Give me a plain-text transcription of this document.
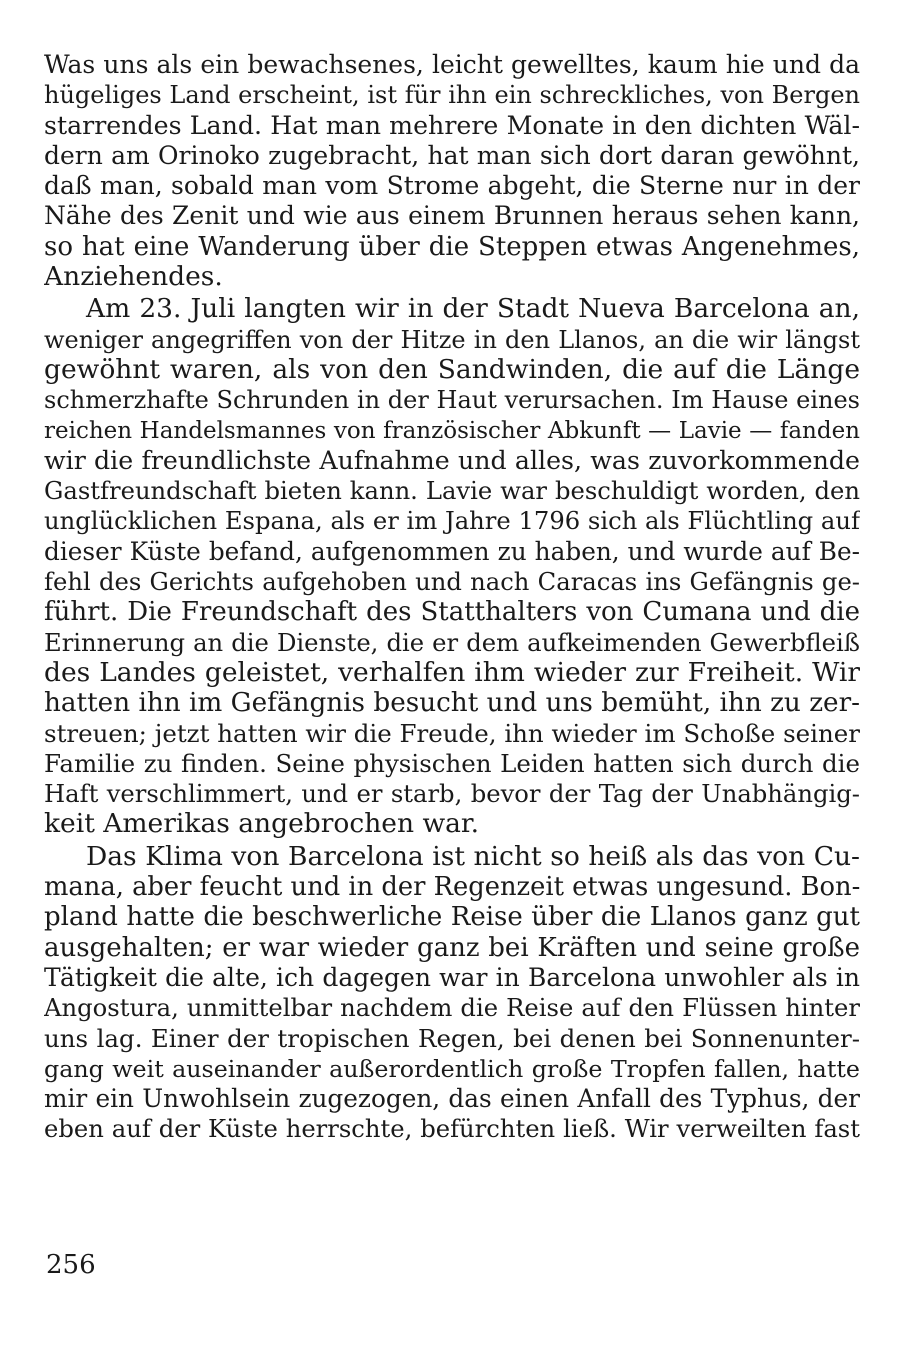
Was uns als ein bewachsenes, leicht gewelltes, kaum hie und da
hügeliges Land erscheint, ist für ihn ein schreckliches, von Bergen
starrendes Land. Hat man mehrere Monate in den dichten Wäl-
dern am Orinoko zugebracht, hat man sich dort daran gewöhnt,
daß man, sobald man vom Strome abgeht, die Sterne nur in der
Nähe des Zenit und wie aus einem Brunnen heraus sehen kann,
so hat eine Wanderung über die Steppen etwas Angenehmes,
Anziehendes.
Am 23. Juli langten wir in der Stadt Nueva Barcelona an,
weniger angegriffen von der Hitze in den Llanos, an die wir längst
gewöhnt waren, als von den Sandwinden, die auf die Länge
schmerzhafte Schrunden in der Haut verursachen. Im Hause eines
reichen Handelsmannes von französischer Abkunft — Lavie — fanden
wir die freundlichste Aufnahme und alles, was zuvorkommende
Gastfreundschaft bieten kann. Lavie war beschuldigt worden, den
unglücklichen Espana, als er im Jahre 1796 sich als Flüchtling auf
dieser Küste befand, aufgenommen zu haben, und wurde auf Be-
fehl des Gerichts aufgehoben und nach Caracas ins Gefängnis ge-
führt. Die Freundschaft des Statthalters von Cumana und die
Erinnerung an die Dienste, die er dem aufkeimenden Gewerbfleiß
des Landes geleistet, verhalfen ihm wieder zur Freiheit. Wir
hatten ihn im Gefängnis besucht und uns bemüht, ihn zu zer-
streuen; jetzt hatten wir die Freude, ihn wieder im Schoße seiner
Familie zu finden. Seine physischen Leiden hatten sich durch die
Haft verschlimmert, und er starb, bevor der Tag der Unabhängig-
keit Amerikas angebrochen war.
Das Klima von Barcelona ist nicht so heiß als das von Cu-
mana, aber feucht und in der Regenzeit etwas ungesund. Bon-
pland hatte die beschwerliche Reise über die Llanos ganz gut
ausgehalten; er war wieder ganz bei Kräften und seine große
Tätigkeit die alte, ich dagegen war in Barcelona unwohler als in
Angostura, unmittelbar nachdem die Reise auf den Flüssen hinter
uns lag. Einer der tropischen Regen, bei denen bei Sonnenunter-
gang weit auseinander außerordentlich große Tropfen fallen, hatte
mir ein Unwohlsein zugezogen, das einen Anfall des Typhus, der
eben auf der Küste herrschte, befürchten ließ. Wir verweilten fast
256
